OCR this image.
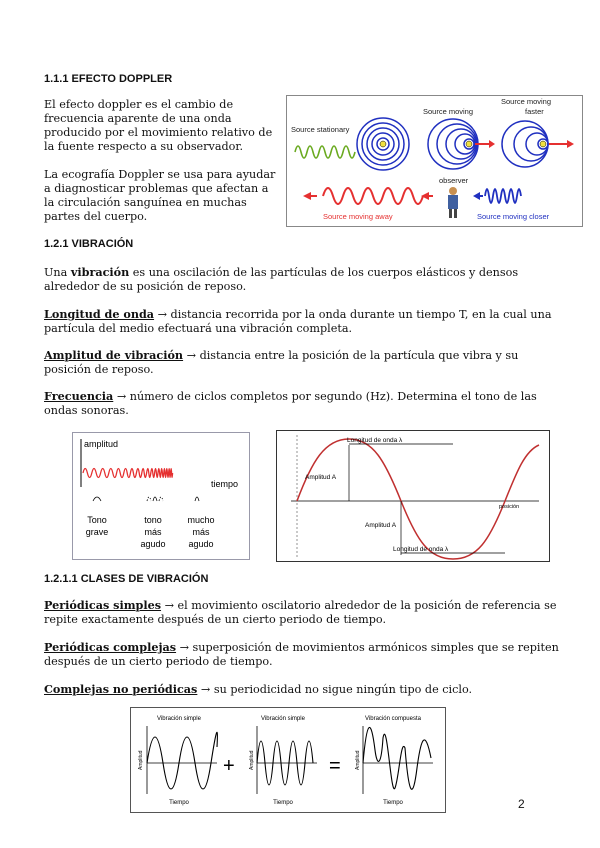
1.1.1 EFECTO DOPPLER
El efecto doppler es el cambio de frecuencia aparente de una onda producido por el movimiento relativo de la fuente respecto a su observador.
La ecografía Doppler se usa para ayudar a diagnosticar problemas que afectan a la circulación sanguínea en muchas partes del cuerpo.
Source stationary
Source moving
Source moving
faster
observer
Source moving away	Source moving closer
1.2.1 VIBRACIÓN
Una vibración es una oscilación de las partículas de los cuerpos elásticos y densos alrededor de su posición de reposo.
Longitud de onda → distancia recorrida por la onda durante un tiempo T, en la cual una partícula del medio efectuará una vibración completa.
Amplitud de vibración → distancia entre la posición de la partícula que vibra y su posición de reposo.
Frecuencia → número de ciclos completos por segundo (Hz). Determina el tono de las ondas sonoras.
amplitud
tiempo
Tono
grave
tono
más
agudo
mucho
más
agudo
Longitud de onda λ
Amplitud A
Amplitud A
Longitud de onda λ
posición
1.2.1.1 CLASES DE VIBRACIÓN
Periódicas simples → el movimiento oscilatorio alrededor de la posición de referencia se repite exactamente después de un cierto periodo de tiempo.
Periódicas complejas → superposición de movimientos armónicos simples que se repiten después de un cierto periodo de tiempo.
Complejas no periódicas → su periodicidad no sigue ningún tipo de ciclo.
Vibración simple	Vibración simple	Vibración compuesta
Tiempo	Tiempo	Tiempo
Amplitud	Amplitud	Amplitud
+	=
2
